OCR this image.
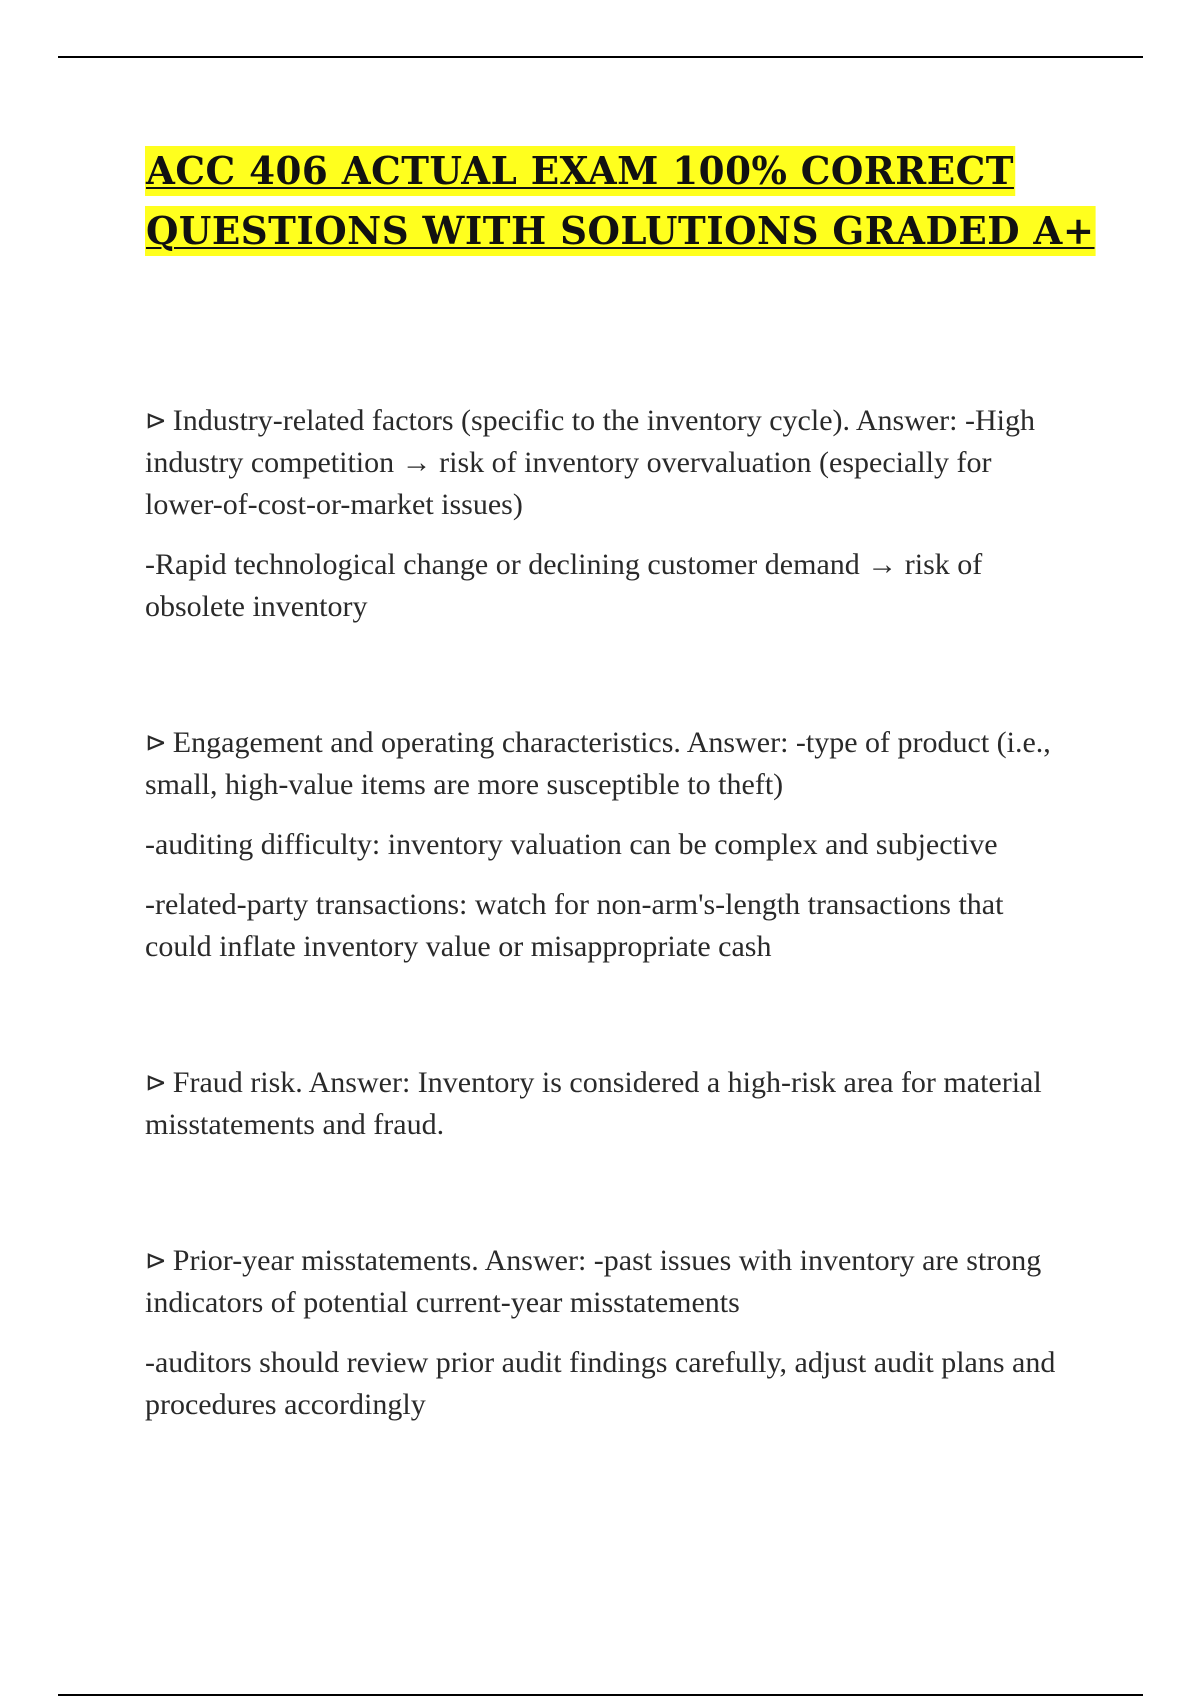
ACC 406 ACTUAL EXAM 100% CORRECT
QUESTIONS WITH SOLUTIONS GRADED A+

⊳ Industry-related factors (specific to the inventory cycle). Answer: -High industry competition → risk of inventory overvaluation (especially for lower-of-cost-or-market issues)

-Rapid technological change or declining customer demand → risk of obsolete inventory

⊳ Engagement and operating characteristics. Answer: -type of product (i.e., small, high-value items are more susceptible to theft)

-auditing difficulty: inventory valuation can be complex and subjective

-related-party transactions: watch for non-arm's-length transactions that could inflate inventory value or misappropriate cash

⊳ Fraud risk. Answer: Inventory is considered a high-risk area for material misstatements and fraud.

⊳ Prior-year misstatements. Answer: -past issues with inventory are strong indicators of potential current-year misstatements

-auditors should review prior audit findings carefully, adjust audit plans and procedures accordingly
